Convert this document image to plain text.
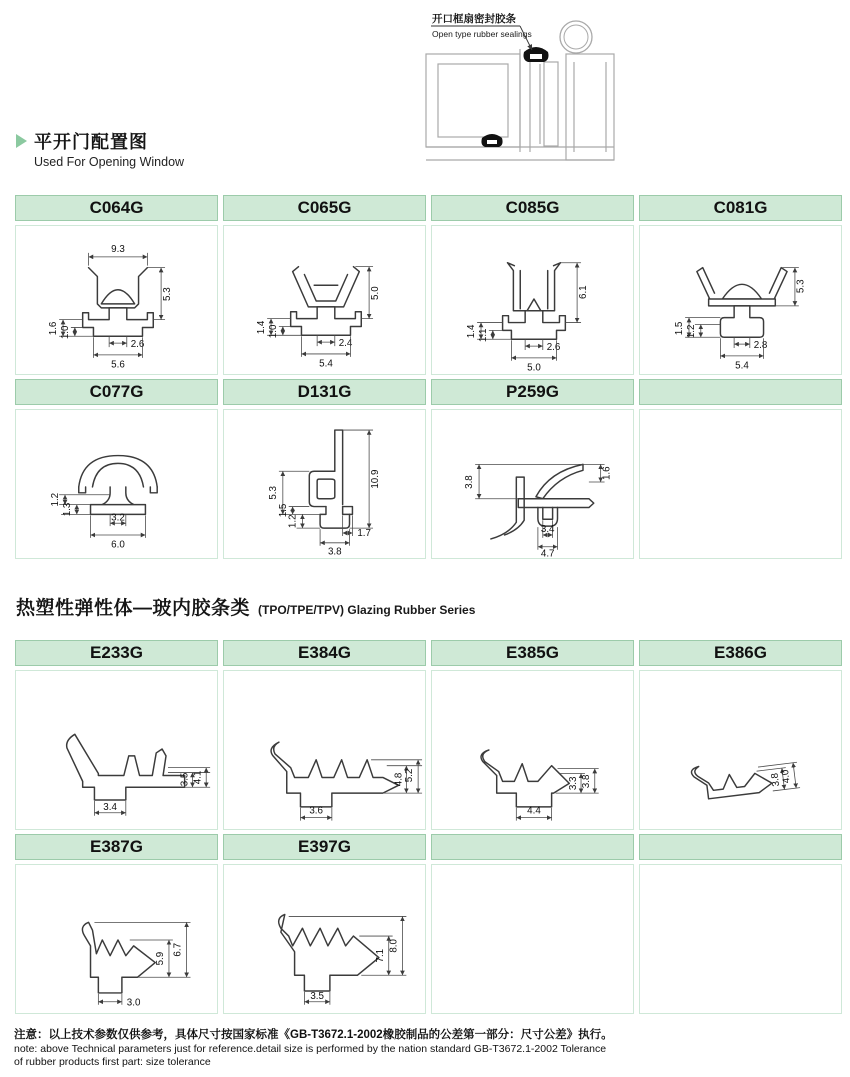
开口框扇密封胶条
Open type rubber sealings
平开门配置图
Used For Opening Window
C064G	C065G	C085G	C081G
9.3
5.3
1.6 1.0
2.6
5.6
5.0
1.4 1.0
2.4
5.4
6.1
1.4 1.1
2.6
5.0
5.3
1.5 1.2
2.8
5.4
C077G	D131G	P259G
1.2
1.3
3.2
6.0
10.9
5.3
1.5
1.2
1.7
3.8
3.8
1.6
3.4
4.7
热塑性弹性体—玻内胶条类 (TPO/TPE/TPV) Glazing Rubber Series
E233G	E384G	E385G	E386G
3.5 4.1
3.4
4.8 5.2
3.6
3.3 3.8
4.4
3.8
4.0
E387G	E397G
5.9
6.7
3.0
7.1
8.0
3.5
注意：以上技术参数仅供参考，具体尺寸按国家标准《GB-T3672.1-2002橡胶制品的公差第一部分：尺寸公差》执行。
note: above Technical parameters just for reference.detail size is performed by the nation standard GB-T3672.1-2002 Tolerance
of rubber products first part: size tolerance
